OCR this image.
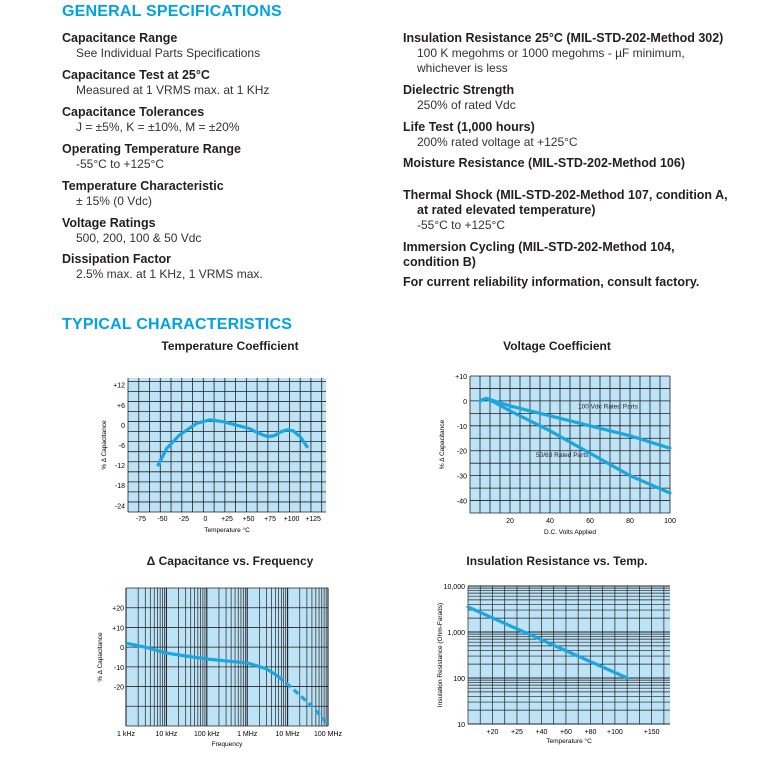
GENERAL SPECIFICATIONS
Capacitance Range
See Individual Parts Specifications
Capacitance Test at 25°C
Measured at 1 VRMS max. at 1 KHz
Capacitance Tolerances
J = ±5%, K = ±10%, M = ±20%
Operating Temperature Range
-55°C to +125°C
Temperature Characteristic
± 15% (0 Vdc)
Voltage Ratings
500, 200, 100 & 50 Vdc
Dissipation Factor
2.5% max. at 1 KHz, 1 VRMS max.
Insulation Resistance 25°C (MIL-STD-202-Method 302)
100 K megohms or 1000 megohms - µF minimum,
whichever is less
Dielectric Strength
250% of rated Vdc
Life Test (1,000 hours)
200% rated voltage at +125°C
Moisture Resistance (MIL-STD-202-Method 106)
Thermal Shock (MIL-STD-202-Method 107, condition A,
at rated elevated temperature)
-55°C to +125°C
Immersion Cycling (MIL-STD-202-Method 104,
condition B)
For current reliability information, consult factory.
TYPICAL CHARACTERISTICS
Temperature Coefficient	Voltage Coefficient
Δ Capacitance vs. Frequency	Insulation Resistance vs. Temp.
+12
+6
0
-6
-12
-18
-24
-75 -50 -25 0 +25 +50 +75 +100 +125
Temperature °C
% Δ Capacitance
+10
0
-10
-20
-30
-40
20	40	60	80	100
D.C. Volts Applied
% Δ Capacitance
100 Vdc Rated Parts
50/63 Rated Parts
+20
+10
0
-10
-20
1 kHz	10 kHz 100 kHz 1 MHz	10 MHz 100 MHz
Frequency
% Δ Capacitance
10,000
1,000
100
10
+20 +25 +40 +60 +80 +100	+150
Temperature °C
Insulation Resistance (Ohm-Farads)
